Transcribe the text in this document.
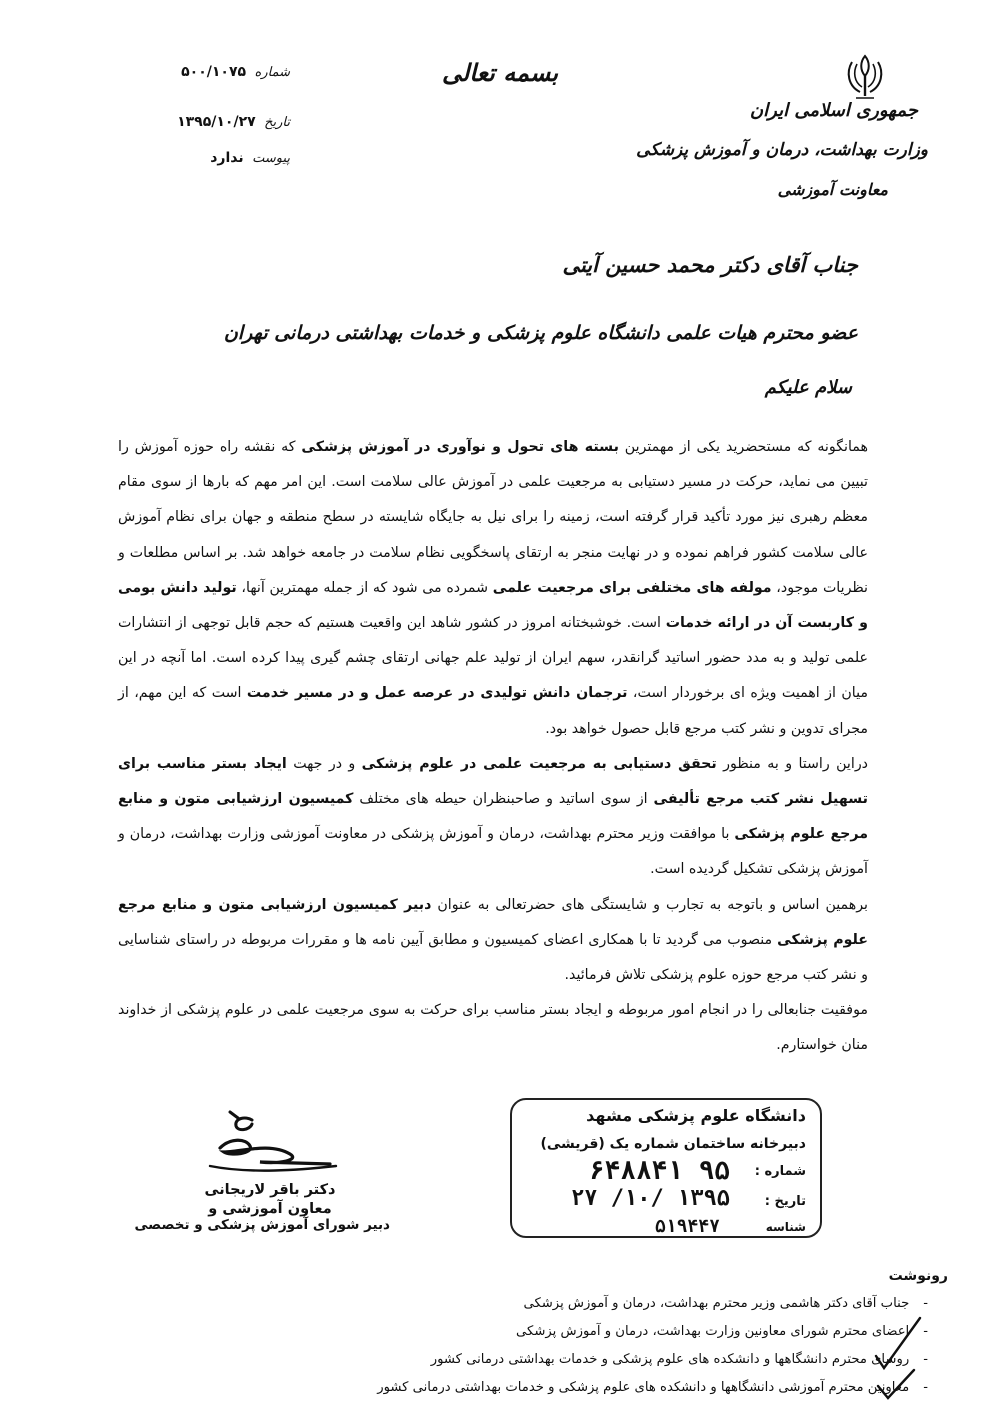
جمهوری اسلامی ایران
وزارت بهداشت، درمان و آموزش پزشکی
معاونت آموزشی
بسمه تعالی
شماره ۵۰۰/۱۰۷۵
تاریخ ۱۳۹۵/۱۰/۲۷
پیوست ندارد
جناب آقای دکتر محمد حسین آیتی
عضو محترم هیات علمی دانشگاه علوم پزشکی و خدمات بهداشتی درمانی تهران
سلام علیکم

همانگونه که مستحضرید یکی از مهمترین بسته های تحول و نوآوری در آموزش پزشکی که نقشه راه حوزه آموزش را تبیین می نماید، حرکت در مسیر دستیابی به مرجعیت علمی در آموزش عالی سلامت است. این امر مهم که بارها از سوی مقام معظم رهبری نیز مورد تأکید قرار گرفته است، زمینه را برای نیل به جایگاه شایسته در سطح منطقه و جهان برای نظام آموزش عالی سلامت کشور فراهم نموده و در نهایت منجر به ارتقای پاسخگویی نظام سلامت در جامعه خواهد شد. بر اساس مطلعات و نظریات موجود، مولفه های مختلفی برای مرجعیت علمی شمرده می شود که از جمله مهمترین آنها، تولید دانش بومی و کاربست آن در ارائه خدمات است. خوشبختانه امروز در کشور شاهد این واقعیت هستیم که حجم قابل توجهی از انتشارات علمی تولید و به مدد حضور اساتید گرانقدر، سهم ایران از تولید علم جهانی ارتقای چشم گیری پیدا کرده است. اما آنچه در این میان از اهمیت ویژه ای برخوردار است، ترجمان دانش تولیدی در عرصه عمل و در مسیر خدمت است که این مهم، از مجرای تدوین و نشر کتب مرجع قابل حصول خواهد بود.

دراین راستا و به منظور تحقق دستیابی به مرجعیت علمی در علوم پزشکی و در جهت ایجاد بستر مناسب برای تسهیل نشر کتب مرجع تألیفی از سوی اساتید و صاحبنظران حیطه های مختلف کمیسیون ارزشیابی متون و منابع مرجع علوم پزشکی با موافقت وزیر محترم بهداشت، درمان و آموزش پزشکی در معاونت آموزشی وزارت بهداشت، درمان و آموزش پزشکی تشکیل گردیده است.

برهمین اساس و باتوجه به تجارب و شایستگی های حضرتعالی به عنوان دبیر کمیسیون ارزشیابی متون و منابع مرجع علوم پزشکی منصوب می گردید تا با همکاری اعضای کمیسیون و مطابق آیین نامه ها و مقررات مربوطه در راستای شناسایی و نشر کتب مرجع حوزه علوم پزشکی تلاش فرمائید.

موفقیت جنابعالی را در انجام امور مربوطه و ایجاد بستر مناسب برای حرکت به سوی مرجعیت علمی در علوم پزشکی از خداوند منان خواستارم.

دکتر باقر لاریجانی
معاون آموزشی و
دبیر شورای آموزش پزشکی و تخصصی
دانشگاه علوم پزشکی مشهد
دبیرخانه ساختمان شماره یک (قریشی)
شماره :
تاریخ :
شناسه
۹۵ ۶۴۸۸۴۱
۱۳۹۵ /۱۰/ ۲۷
۵۱۹۴۴۷
رونوشت
-جناب آقای دکتر هاشمی وزیر محترم بهداشت، درمان و آموزش پزشکی
-اعضای محترم شورای معاونین وزارت بهداشت، درمان و آموزش پزشکی
-روسای محترم دانشگاهها و دانشکده های علوم پزشکی و خدمات بهداشتی درمانی کشور
-معاونین محترم آموزشی دانشگاهها و دانشکده های علوم پزشکی و خدمات بهداشتی درمانی کشور
